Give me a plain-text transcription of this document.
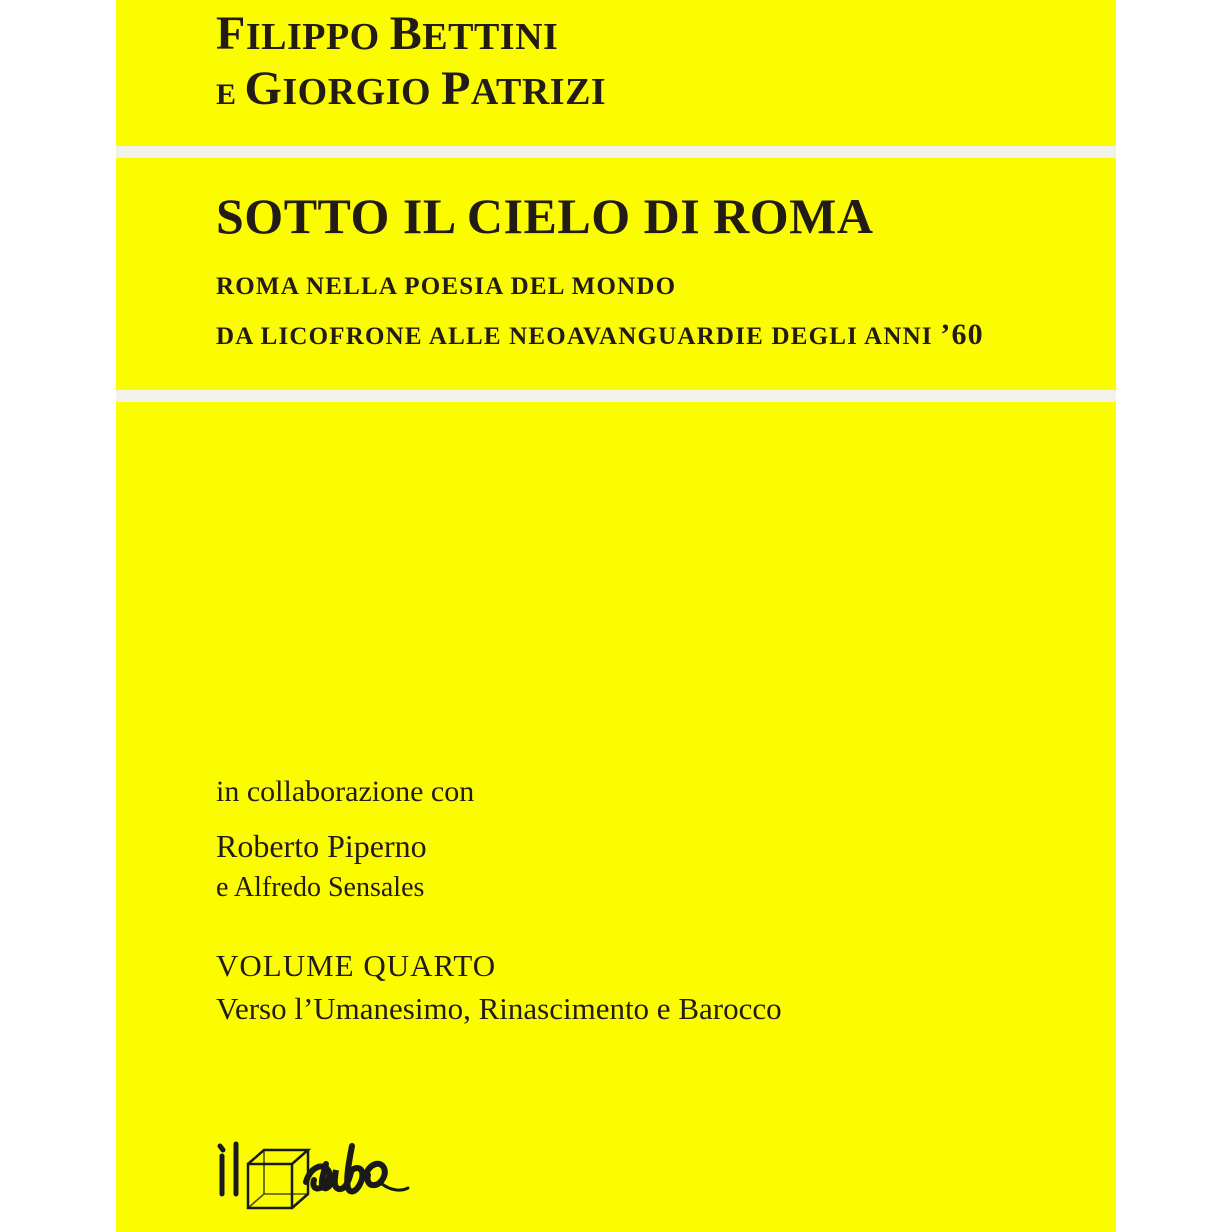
FILIPPO BETTINI
E GIORGIO PATRIZI
SOTTO IL CIELO DI ROMA
ROMA NELLA POESIA DEL MONDO
DA LICOFRONE ALLE NEOAVANGUARDIE DEGLI ANNI ’60
in collaborazione con
Roberto Piperno
e Alfredo Sensales
VOLUME QUARTO
Verso l’Umanesimo, Rinascimento e Barocco
